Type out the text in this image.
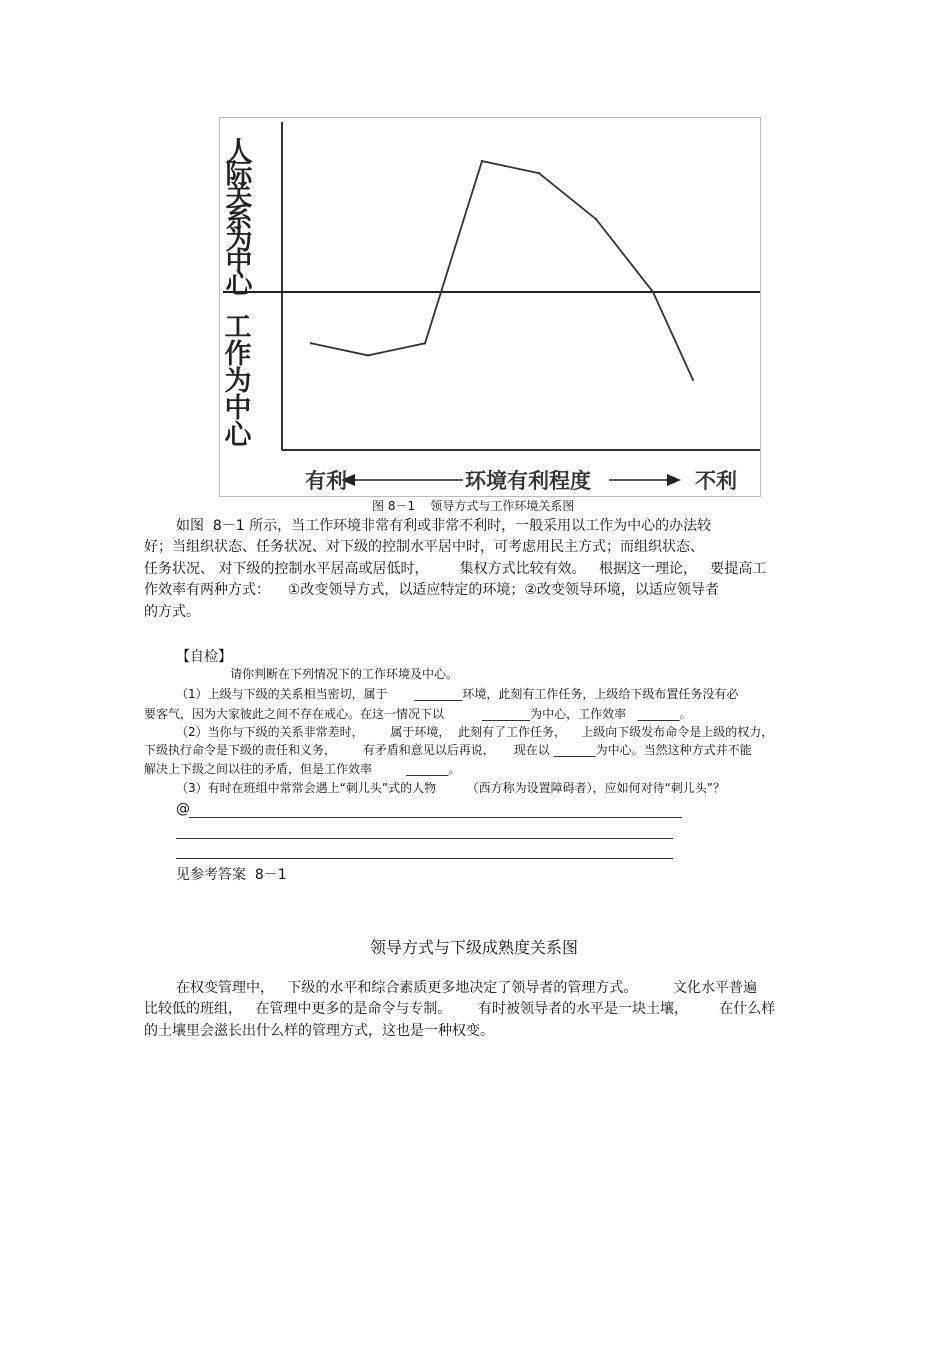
人
际
关
系
为
中
心
工
作
为
中
心
有利	环境有利程度	不利
图 8－1    领导方式与工作环境关系图
如图  8－1 所示，当工作环境非常有利或非常不利时，一般采用以工作为中心的办法较
好；当组织状态、任务状况、对下级的控制水平居中时，可考虑用民主方式；而组织状态、
任务状况、 对下级的控制水平居高或居低时，       集权方式比较有效。   根据这一理论，   要提高工
作效率有两种方式：    ①改变领导方式，以适应特定的环境；②改变领导环境，以适应领导者
的方式。
【自检】
请你判断在下列情况下的工作环境及中心。
（1）上级与下级的关系相当密切，属于       ________环境，此刻有工作任务，上级给下级布置任务没有必
要客气，因为大家彼此之间不存在戒心。在这一情况下以          ________为中心，工作效率   _______。
（2）当你与下级的关系非常差时，       属于环境，  此刻有了工作任务，    上级向下级发布命令是上级的权力，
下级执行命令是下级的责任和义务，       有矛盾和意见以后再说，     现在以 _______为中心。当然这种方式并不能
解决上下级之间以往的矛盾，但是工作效率         _______。
（3）有时在班组中常常会遇上“刺儿头”式的人物        （西方称为设置障碍者），应如何对待“刺儿头”？
@
见参考答案  8－1
领导方式与下级成熟度关系图
在权变管理中，   下级的水平和综合素质更多地决定了领导者的管理方式。        文化水平普遍
比较低的班组，   在管理中更多的是命令与专制。      有时被领导者的水平是一块土壤，       在什么样
的土壤里会滋长出什么样的管理方式，这也是一种权变。
